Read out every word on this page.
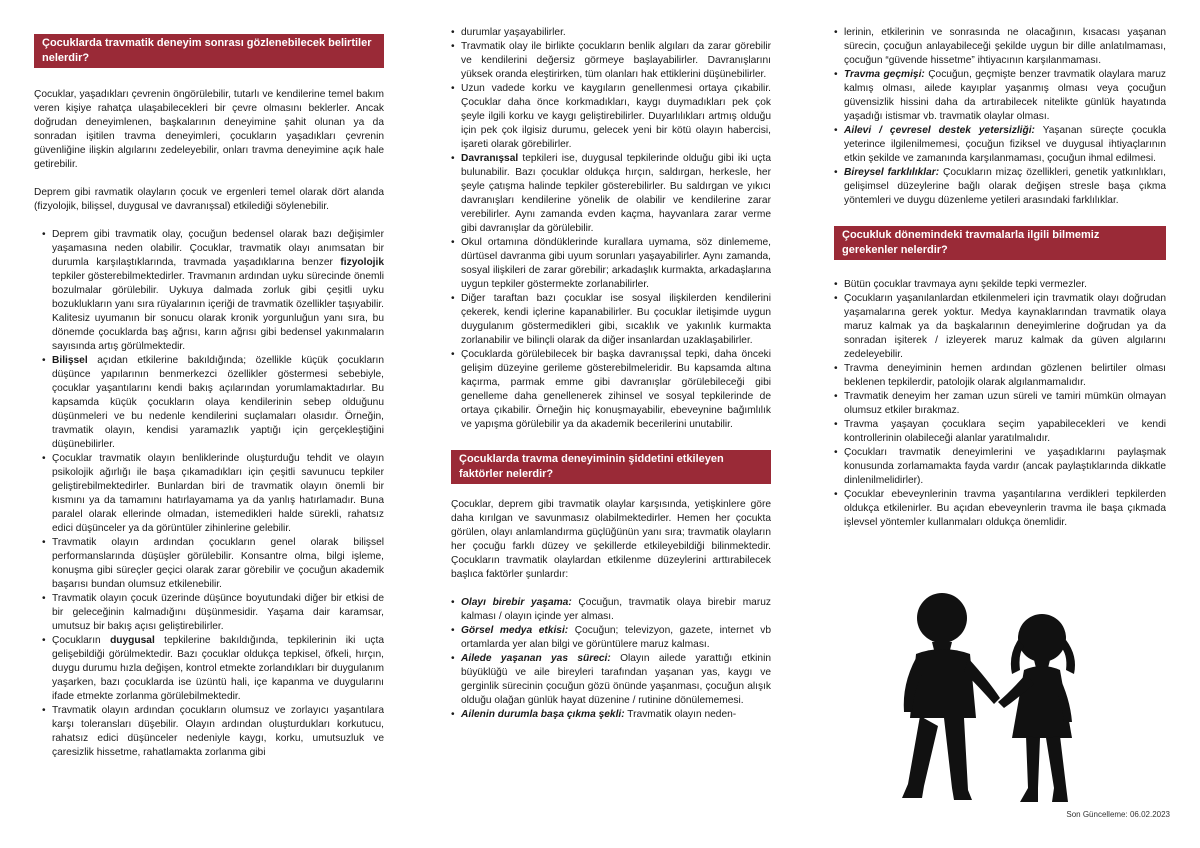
Çocuklarda travmatik deneyim sonrası gözlenebilecek belirtiler nelerdir?

Çocuklar, yaşadıkları çevrenin öngörülebilir, tutarlı ve kendilerine temel bakım veren kişiye rahatça ulaşabilecekleri bir çevre olmasını beklerler. Ancak doğrudan deneyimlenen, başkalarının deneyimine şahit olunan ya da sonradan işitilen travma deneyimleri, çocukların yaşadıkları çevrenin güvenliğine ilişkin algılarını zedeleyebilir, onları travma deneyimine açık hale getirebilir.

Deprem gibi ravmatik olayların çocuk ve ergenleri temel olarak dört alanda (fizyolojik, bilişsel, duygusal ve davranışsal) etkilediği söylenebilir.

• Deprem gibi travmatik olay, çocuğun bedensel olarak bazı değişimler yaşamasına neden olabilir. Çocuklar, travmatik olayı anımsatan bir durumla karşılaştıklarında, travmada yaşadıklarına benzer fizyolojik tepkiler gösterebilmektedirler. Travmanın ardından uyku sürecinde önemli bozulmalar görülebilir. Uykuya dalmada zorluk gibi çeşitli uyku bozuklukların yanı sıra rüyalarının içeriği de travmatik özellikler taşıyabilir. Kalitesiz uyumanın bir sonucu olarak kronik yorgunluğun yanı sıra, bu dönemde çocuklarda baş ağrısı, karın ağrısı gibi bedensel yakınmaların sayısında artış görülmektedir.
• Bilişsel açıdan etkilerine bakıldığında; özellikle küçük çocukların düşünce yapılarının benmerkezci özellikler göstermesi sebebiyle, çocuklar yaşantılarını kendi bakış açılarından yorumlamaktadırlar. Bu kapsamda küçük çocukların olaya kendilerinin sebep olduğunu düşünmeleri ve bu nedenle kendilerini suçlamaları olasıdır. Örneğin, travmatik olayın, kendisi yaramazlık yaptığı için gerçekleştiğini düşünebilirler.
• Çocuklar travmatik olayın benliklerinde oluşturduğu tehdit ve olayın psikolojik ağırlığı ile başa çıkamadıkları için çeşitli savunucu tepkiler geliştirebilmektedirler. Bunlardan biri de travmatik olayın önemli bir kısmını ya da tamamını hatırlayamama ya da yanlış hatırlamadır. Buna paralel olarak ellerinde olmadan, istemedikleri halde sürekli, rahatsız edici düşünceler ya da görüntüler zihinlerine gelebilir.
• Travmatik olayın ardından çocukların genel olarak bilişsel performanslarında düşüşler görülebilir. Konsantre olma, bilgi işleme, konuşma gibi süreçler geçici olarak zarar görebilir ve çocuğun akademik başarısı bundan olumsuz etkilenebilir.
• Travmatik olayın çocuk üzerinde düşünce boyutundaki diğer bir etkisi de bir geleceğinin kalmadığını düşünmesidir. Yaşama dair karamsar, umutsuz bir bakış açısı geliştirebilirler.
• Çocukların duygusal tepkilerine bakıldığında, tepkilerinin iki uçta gelişebildiği görülmektedir. Bazı çocuklar oldukça tepkisel, öfkeli, hırçın, duygu durumu hızla değişen, kontrol etmekte zorlandıkları bir duygulanım yaşarken, bazı çocuklarda ise üzüntü hali, içe kapanma ve duygularını ifade etmekte zorlanma görülebilmektedir.
• Travmatik olayın ardından çocukların olumsuz ve zorlayıcı yaşantılara karşı toleransları düşebilir. Olayın ardından oluşturdukları korkutucu, rahatsız edici düşünceler nedeniyle kaygı, korku, umutsuzluk ve çaresizlik hissetme, rahatlamakta zorlanma gibi
• durumlar yaşayabilirler.
• Travmatik olay ile birlikte çocukların benlik algıları da zarar görebilir ve kendilerini değersiz görmeye başlayabilirler. Davranışlarını yüksek oranda eleştirirken, tüm olanları hak ettiklerini düşünebilirler.
• Uzun vadede korku ve kaygıların genellenmesi ortaya çıkabilir. Çocuklar daha önce korkmadıkları, kaygı duymadıkları pek çok şeyle ilgili korku ve kaygı geliştirebilirler. Duyarlılıkları artmış olduğu için pek çok ilgisiz durumu, gelecek yeni bir kötü olayın habercisi, işareti olarak görebilirler.
• Davranışsal tepkileri ise, duygusal tepkilerinde olduğu gibi iki uçta bulunabilir. Bazı çocuklar oldukça hırçın, saldırgan, herkesle, her şeyle çatışma halinde tepkiler gösterebilirler. Bu saldırgan ve yıkıcı davranışları kendilerine yönelik de olabilir ve kendilerine zarar verebilirler. Aynı zamanda evden kaçma, hayvanlara zarar verme gibi davranışlar da görülebilir.
• Okul ortamına döndüklerinde kurallara uymama, söz dinlememe, dürtüsel davranma gibi uyum sorunları yaşayabilirler. Aynı zamanda, sosyal ilişkileri de zarar görebilir; arkadaşlık kurmakta, arkadaşlarına uygun tepkiler göstermekte zorlanabilirler.
• Diğer taraftan bazı çocuklar ise sosyal ilişkilerden kendilerini çekerek, kendi içlerine kapanabilirler. Bu çocuklar iletişimde uygun duygulanım göstermedikleri gibi, sıcaklık ve yakınlık kurmakta zorlanabilir ve bilinçli olarak da diğer insanlardan uzaklaşabilirler.
• Çocuklarda görülebilecek bir başka davranışsal tepki, daha önceki gelişim düzeyine gerileme gösterebilmeleridir. Bu kapsamda altına kaçırma, parmak emme gibi davranışlar görülebileceği gibi genelleme daha genellenerek zihinsel ve sosyal tepkilerinde de ortaya çıkabilir. Örneğin hiç konuşmayabilir, ebeveynine bağımlılık ve yapışma görülebilir ya da akademik becerilerini unutabilir.
Çocuklarda travma deneyiminin şiddetini etkileyen faktörler nelerdir?

Çocuklar, deprem gibi travmatik olaylar karşısında, yetişkinlere göre daha kırılgan ve savunmasız olabilmektedirler. Hemen her çocukta görülen, olayı anlamlandırma güçlüğünün yanı sıra; travmatik olayların her çocuğu farklı düzey ve şekillerde etkileyebildiği bilinmektedir. Çocukların travmatik olaylardan etkilenme düzeylerini arttırabilecek başlıca faktörler şunlardır:

• Olayı birebir yaşama: Çocuğun, travmatik olaya birebir maruz kalması / olayın içinde yer alması.
• Görsel medya etkisi: Çocuğun; televizyon, gazete, internet vb ortamlarda yer alan bilgi ve görüntülere maruz kalması.
• Ailede yaşanan yas süreci: Olayın ailede yarattığı etkinin büyüklüğü ve aile bireyleri tarafından yaşanan yas, kaygı ve gerginlik sürecinin çocuğun gözü önünde yaşanması, çocuğun alışık olduğu olağan günlük hayat düzenine / rutinine dönülememesi.
• Ailenin durumla başa çıkma şekli: Travmatik olayın neden-
• lerinin, etkilerinin ve sonrasında ne olacağının, kısacası yaşanan sürecin, çocuğun anlayabileceği şekilde uygun bir dille anlatılmaması, çocuğun “güvende hissetme” ihtiyacının karşılanmaması.
• Travma geçmişi: Çocuğun, geçmişte benzer travmatik olaylara maruz kalmış olması, ailede kayıplar yaşanmış olması veya çocuğun güvensizlik hissini daha da artırabilecek nitelikte günlük hayatında yaşadığı istismar vb. travmatik olaylar olması.
• Ailevi / çevresel destek yetersizliği: Yaşanan süreçte çocukla yeterince ilgilenilmemesi, çocuğun fiziksel ve duygusal ihtiyaçlarının etkin şekilde ve zamanında karşılanmaması, çocuğun ihmal edilmesi.
• Bireysel farklılıklar: Çocukların mizaç özellikleri, genetik yatkınlıkları, gelişimsel düzeylerine bağlı olarak değişen stresle başa çıkma yöntemleri ve duygu düzenleme yetileri arasındaki farklılıklar.
Çocukluk dönemindeki travmalarla ilgili bilmemiz gerekenler nelerdir?
• Bütün çocuklar travmaya aynı şekilde tepki vermezler.
• Çocukların yaşanılanlardan etkilenmeleri için travmatik olayı doğrudan yaşamalarına gerek yoktur. Medya kaynaklarından travmatik olaya maruz kalmak ya da başkalarının deneyimlerine doğrudan ya da sonradan işiterek / izleyerek maruz kalmak da güven algılarını zedeleyebilir.
• Travma deneyiminin hemen ardından gözlenen belirtiler olması beklenen tepkilerdir, patolojik olarak algılanmamalıdır.
• Travmatik deneyim her zaman uzun süreli ve tamiri mümkün olmayan olumsuz etkiler bırakmaz.
• Travma yaşayan çocuklara seçim yapabilecekleri ve kendi kontrollerinin olabileceği alanlar yaratılmalıdır.
• Çocukları travmatik deneyimlerini ve yaşadıklarını paylaşmak konusunda zorlamamakta fayda vardır (ancak paylaştıklarında dikkatle dinlenilmelidirler).
• Çocuklar ebeveynlerinin travma yaşantılarına verdikleri tepkilerden oldukça etkilenirler. Bu açıdan ebeveynlerin travma ile başa çıkmada işlevsel yöntemler kullanmaları oldukça önemlidir.
Son Güncelleme: 06.02.2023
